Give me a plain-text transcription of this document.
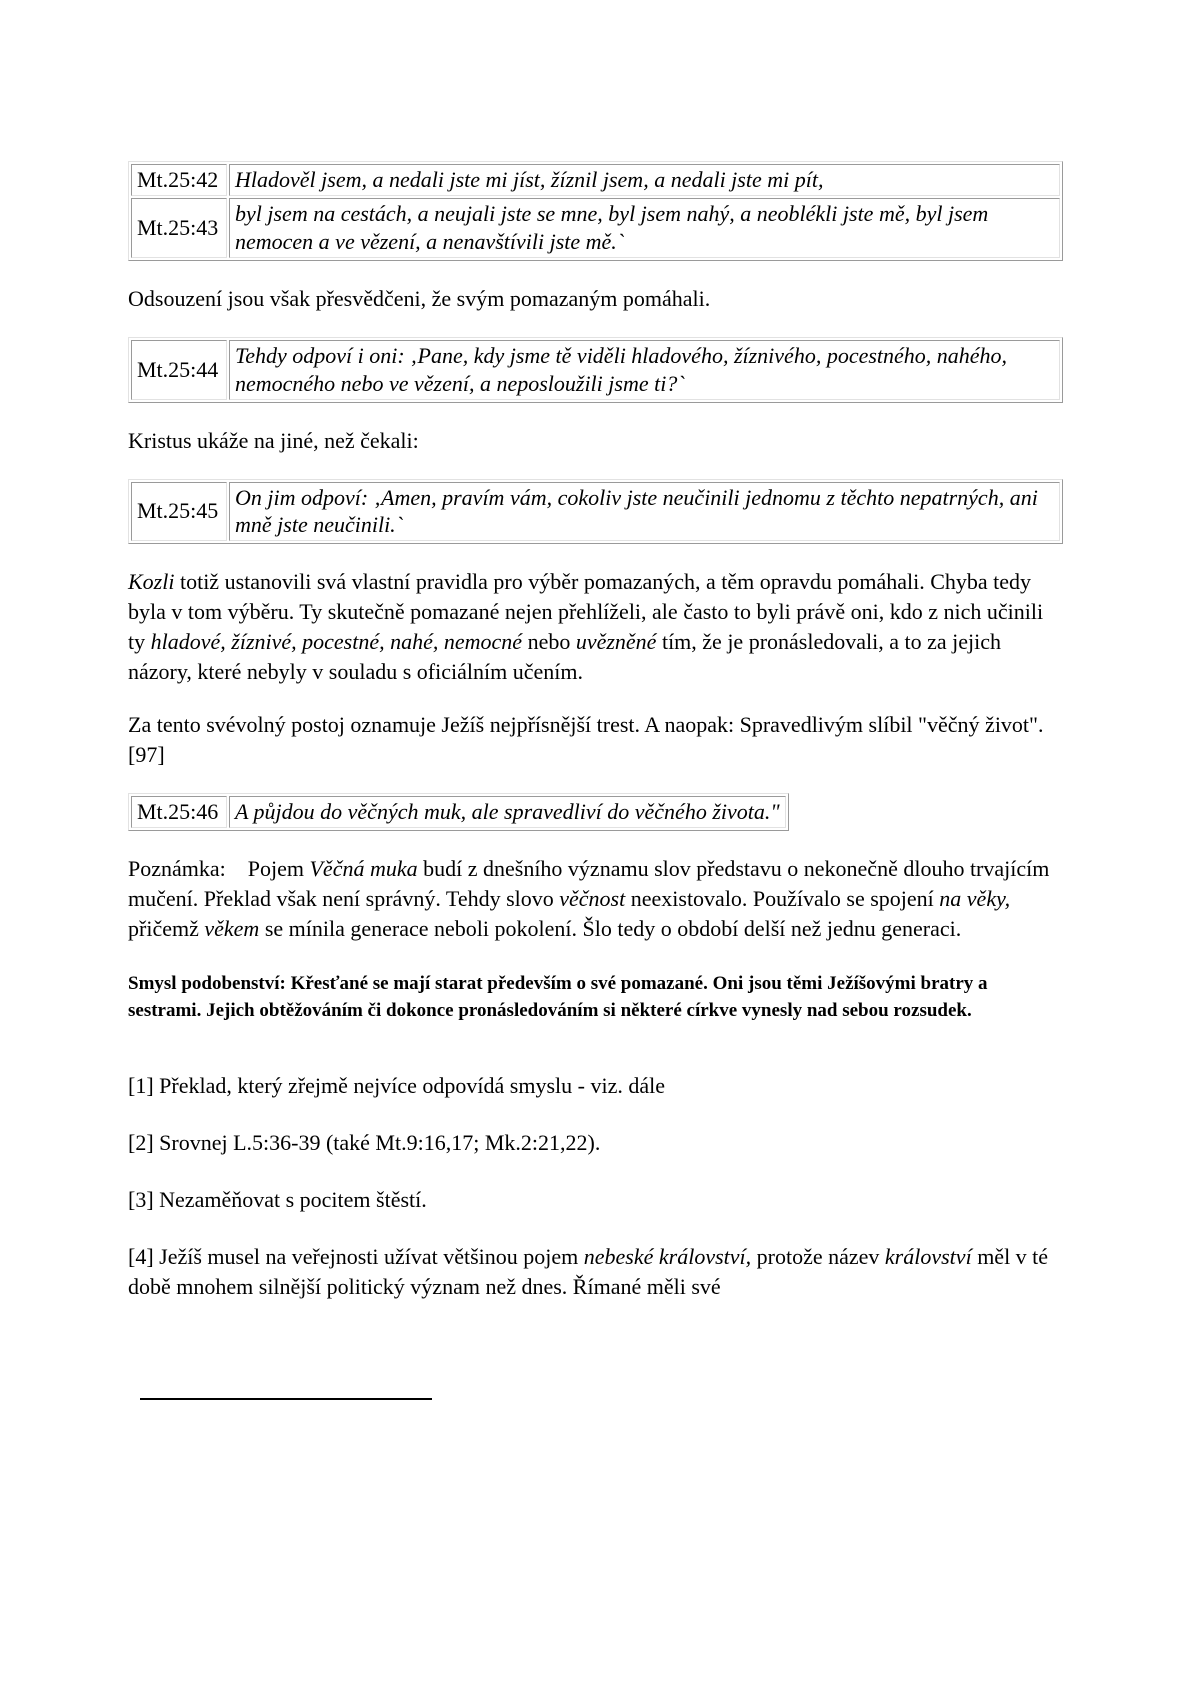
Mt.25:42	Hladověl jsem, a nedali jste mi jíst, žíznil jsem, a nedali jste mi pít,
Mt.25:43	byl jsem na cestách, a neujali jste se mne, byl jsem nahý, a neoblékli jste mě, byl jsem nemocen a ve vězení, a nenavštívili jste mě.`

Odsouzení jsou však přesvědčeni, že svým pomazaným pomáhali.

Mt.25:44	Tehdy odpoví i oni: ‚Pane, kdy jsme tě viděli hladového, žíznivého, pocestného, nahého, nemocného nebo ve vězení, a neposloužili jsme ti?`

Kristus ukáže na jiné, než čekali:

Mt.25:45	On jim odpoví: ‚Amen, pravím vám, cokoliv jste neučinili jednomu z těchto nepatrných, ani mně jste neučinili.`

Kozli totiž ustanovili svá vlastní pravidla pro výběr pomazaných, a těm opravdu pomáhali. Chyba tedy byla v tom výběru. Ty skutečně pomazané nejen přehlíželi, ale často to byli právě oni, kdo z nich učinili ty hladové, žíznivé, pocestné, nahé, nemocné nebo uvězněné tím, že je pronásledovali, a to za jejich názory, které nebyly v souladu s oficiálním učením.

Za tento svévolný postoj oznamuje Ježíš nejpřísnější trest. A naopak: Spravedlivým slíbil "věčný život". [97]

Mt.25:46	A půjdou do věčných muk, ale spravedliví do věčného života."

Poznámka:    Pojem Věčná muka budí z dnešního významu slov představu o nekonečně dlouho trvajícím mučení. Překlad však není správný. Tehdy slovo věčnost neexistovalo. Používalo se spojení na věky, přičemž věkem se mínila generace neboli pokolení. Šlo tedy o období delší než jednu generaci.

Smysl podobenství: Křesťané se mají starat především o své pomazané. Oni jsou těmi Ježíšovými bratry a sestrami. Jejich obtěžováním či dokonce pronásledováním si některé církve vynesly nad sebou rozsudek.

[1] Překlad, který zřejmě nejvíce odpovídá smyslu - viz. dále

[2] Srovnej L.5:36-39 (také Mt.9:16,17; Mk.2:21,22).

[3] Nezaměňovat s pocitem štěstí.

[4] Ježíš musel na veřejnosti užívat většinou pojem nebeské království, protože název království měl v té době mnohem silnější politický význam než dnes. Římané měli své
